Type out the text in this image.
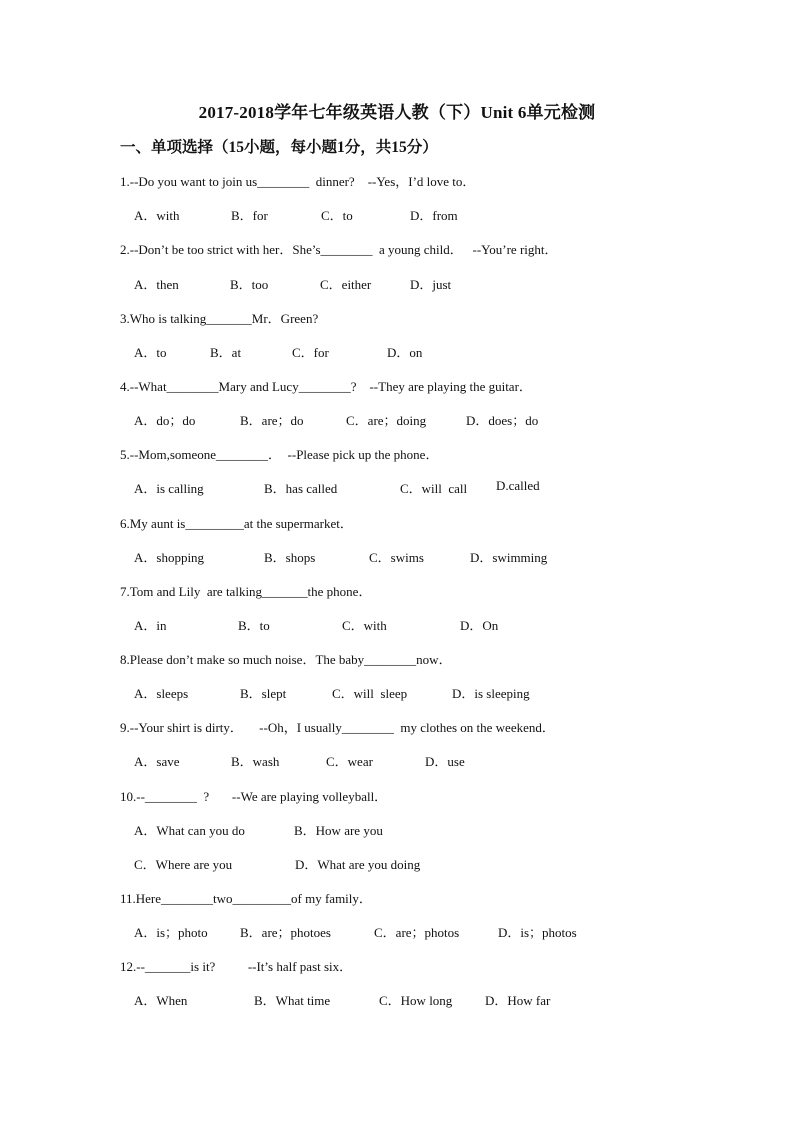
2017-2018学年七年级英语人教（下）Unit 6单元检测
一、单项选择（15小题，每小题1分，共15分）
1.--Do you want to join us________  dinner?    --Yes，I’d love to．
A．with	B．for	C．to	D．from
2.--Don’t be too strict with her．She’s________  a young child．   --You’re right．
A．then	B．too	C．either	D．just
3.Who is talking_______Mr．Green?
A．to	B．at	C．for	D．on
4.--What________Mary and Lucy________?    --They are playing the guitar．
A．do；do	B．are；do	C．are；doing	D．does；do
5.--Mom,someone________．  --Please pick up the phone．
A．is calling	B．has called	C．will  call D.called
6.My aunt is_________at the supermarket．
A．shopping	B．shops	C．swims	D．swimming
7.Tom and Lily  are talking_______the phone．
A．in	B．to	C．with	D．On
8.Please don’t make so much noise．The baby________now．
A．sleeps	B．slept	C．will  sleep	D．is sleeping
9.--Your shirt is dirty．     --Oh，I usually________  my clothes on the weekend．
A．save	B．wash	C．wear	D．use
10.--________  ?       --We are playing volleyball．
A．What can you do	B．How are you
C．Where are you	D．What are you doing
11.Here________two_________of my family．
A．is；photo B．are；photoes	C．are；photos	D．is；photos
12.--_______is it?          --It’s half past six．
A．When	B．What time	C．How long	D．How far
